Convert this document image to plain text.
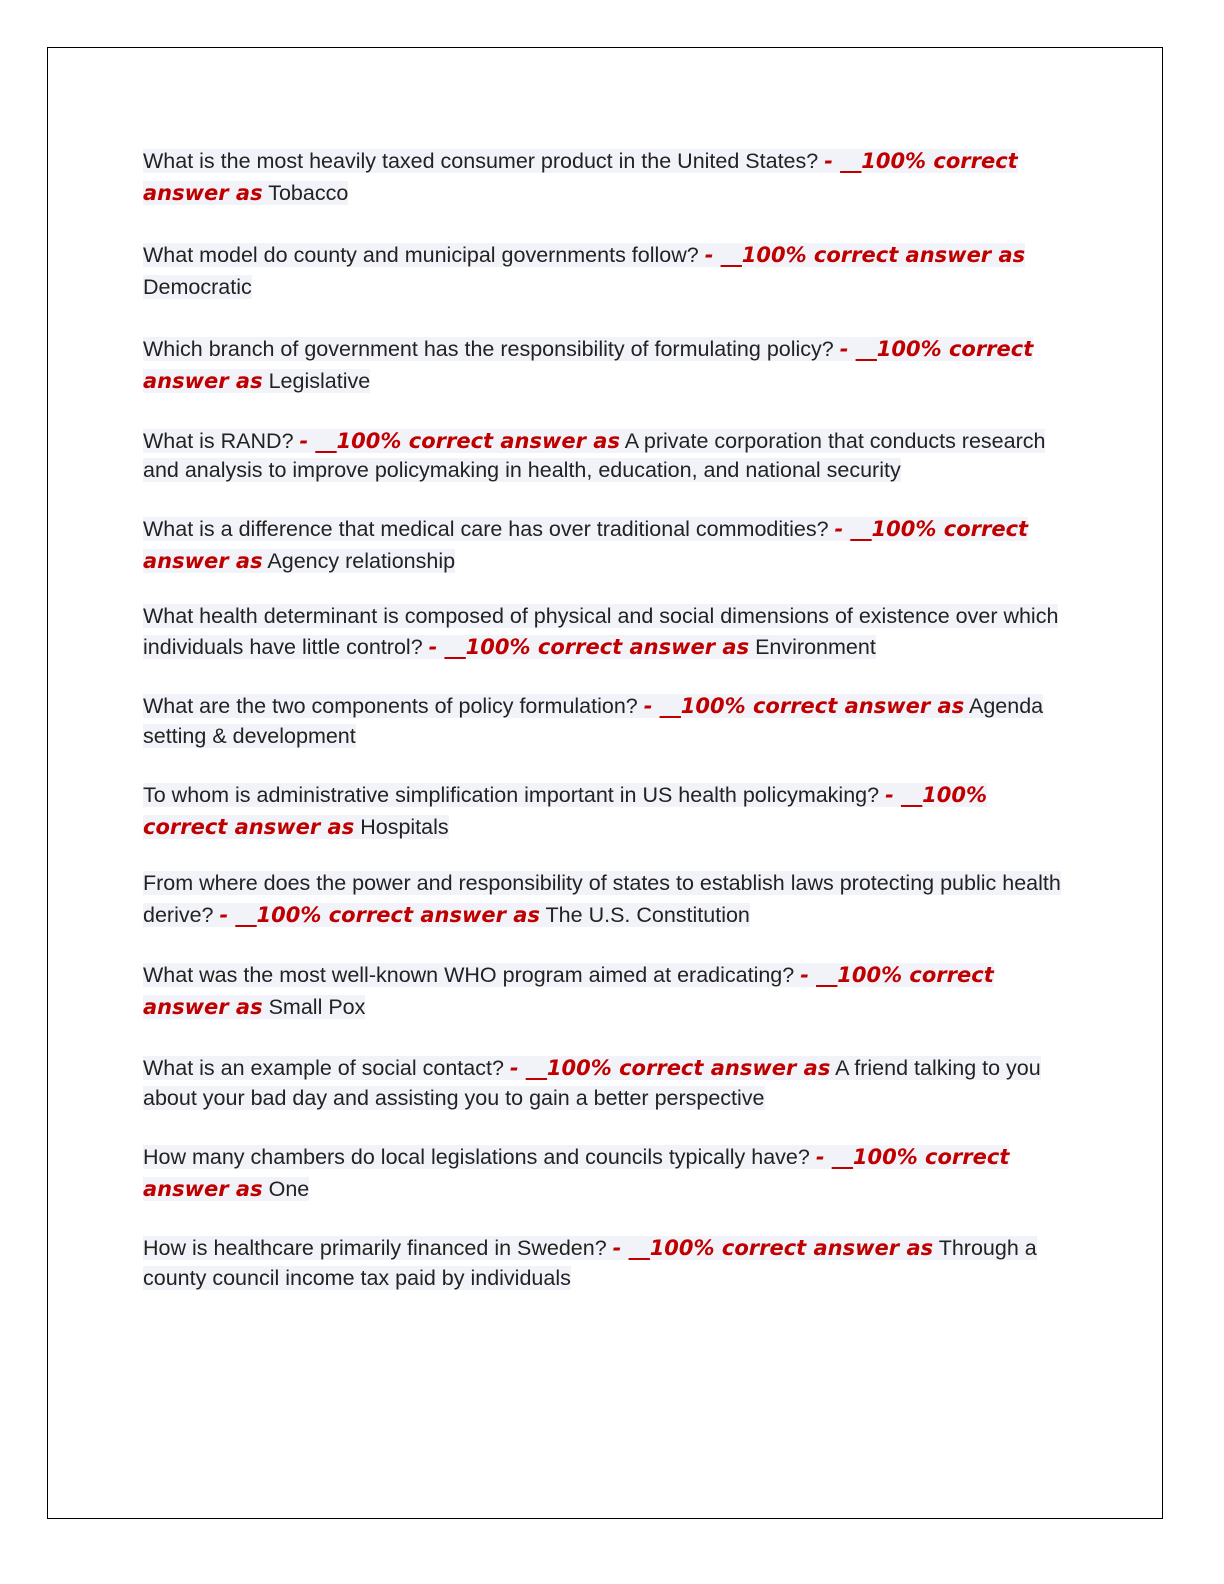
What is the most heavily taxed consumer product in the United States? - __100% correct answer as Tobacco

What model do county and municipal governments follow? - __100% correct answer as Democratic

Which branch of government has the responsibility of formulating policy? - __100% correct answer as Legislative

What is RAND? - __100% correct answer as A private corporation that conducts research and analysis to improve policymaking in health, education, and national security

What is a difference that medical care has over traditional commodities? - __100% correct answer as Agency relationship

What health determinant is composed of physical and social dimensions of existence over which individuals have little control? - __100% correct answer as Environment

What are the two components of policy formulation? - __100% correct answer as Agenda setting & development

To whom is administrative simplification important in US health policymaking? - __100% correct answer as Hospitals

From where does the power and responsibility of states to establish laws protecting public health derive? - __100% correct answer as The U.S. Constitution

What was the most well-known WHO program aimed at eradicating? - __100% correct answer as Small Pox

What is an example of social contact? - __100% correct answer as A friend talking to you about your bad day and assisting you to gain a better perspective

How many chambers do local legislations and councils typically have? - __100% correct answer as One

How is healthcare primarily financed in Sweden? - __100% correct answer as Through a county council income tax paid by individuals
